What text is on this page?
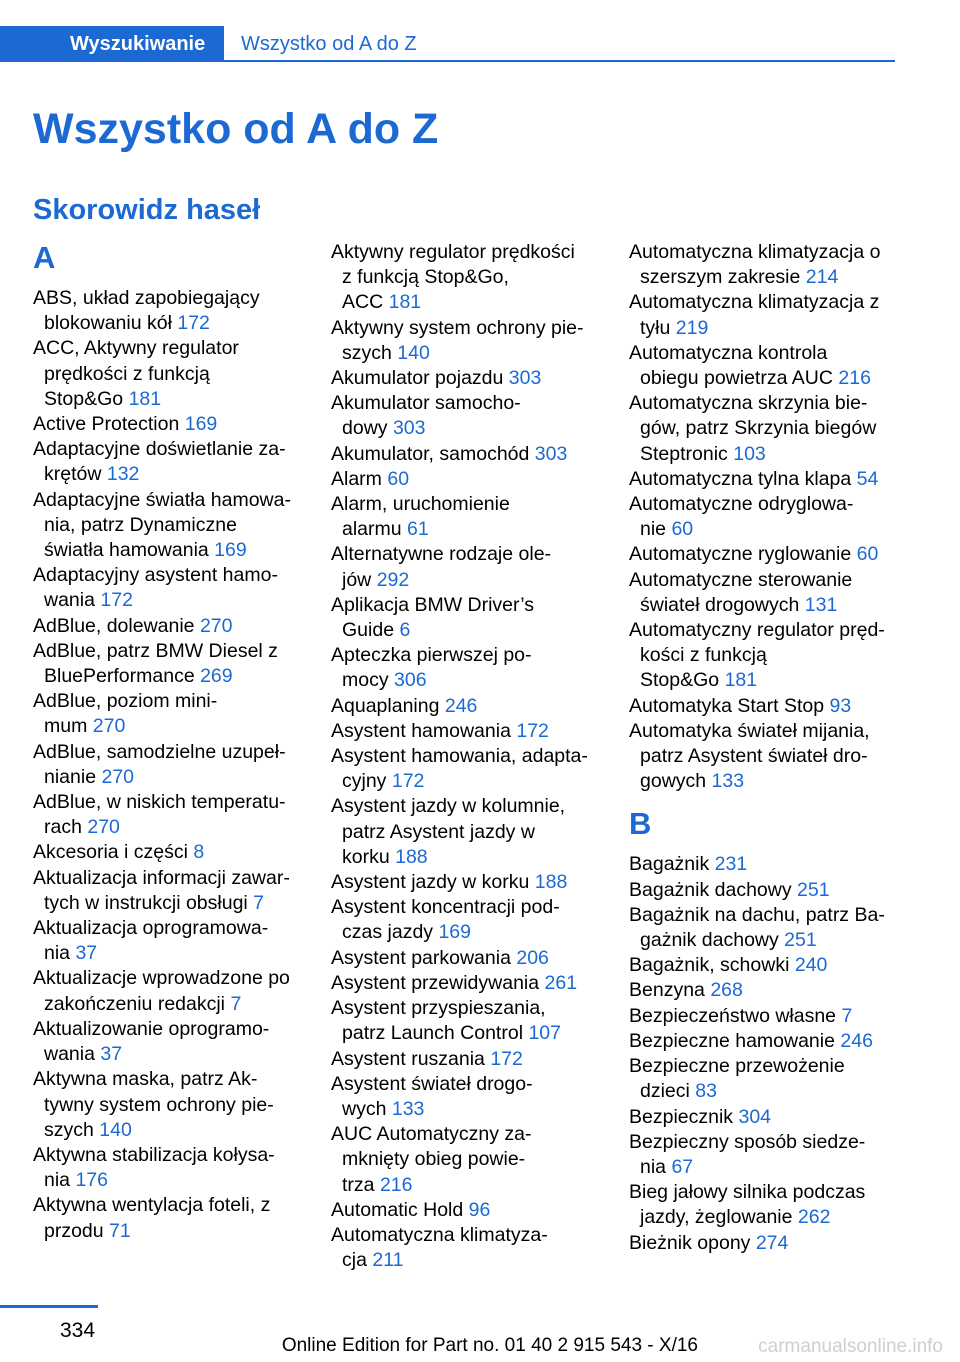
Wyszukiwanie	Wszystko od A do Z
Wszystko od A do Z
Skorowidz haseł
A
ABS, układ zapobiegający
blokowaniu kół 172
ACC, Aktywny regulator
prędkości z funkcją
Stop&Go 181
Active Protection 169
Adaptacyjne doświetlanie za-
krętów 132
Adaptacyjne światła hamowa-
nia, patrz Dynamiczne
światła hamowania 169
Adaptacyjny asystent hamo-
wania 172
AdBlue, dolewanie 270
AdBlue, patrz BMW Diesel z
BluePerformance 269
AdBlue, poziom mini-
mum 270
AdBlue, samodzielne uzupeł-
nianie 270
AdBlue, w niskich temperatu-
rach 270
Akcesoria i części 8
Aktualizacja informacji zawar-
tych w instrukcji obsługi 7
Aktualizacja oprogramowa-
nia 37
Aktualizacje wprowadzone po
zakończeniu redakcji 7
Aktualizowanie oprogramo-
wania 37
Aktywna maska, patrz Ak-
tywny system ochrony pie-
szych 140
Aktywna stabilizacja kołysa-
nia 176
Aktywna wentylacja foteli, z
przodu 71
Aktywny regulator prędkości
z funkcją Stop&Go,
ACC 181
Aktywny system ochrony pie-
szych 140
Akumulator pojazdu 303
Akumulator samocho-
dowy 303
Akumulator, samochód 303
Alarm 60
Alarm, uruchomienie
alarmu 61
Alternatywne rodzaje ole-
jów 292
Aplikacja BMW Driver’s
Guide 6
Apteczka pierwszej po-
mocy 306
Aquaplaning 246
Asystent hamowania 172
Asystent hamowania, adapta-
cyjny 172
Asystent jazdy w kolumnie,
patrz Asystent jazdy w
korku 188
Asystent jazdy w korku 188
Asystent koncentracji pod-
czas jazdy 169
Asystent parkowania 206
Asystent przewidywania 261
Asystent przyspieszania,
patrz Launch Control 107
Asystent ruszania 172
Asystent świateł drogo-
wych 133
AUC Automatyczny za-
mknięty obieg powie-
trza 216
Automatic Hold 96
Automatyczna klimatyza-
cja 211
Automatyczna klimatyzacja o
szerszym zakresie 214
Automatyczna klimatyzacja z
tyłu 219
Automatyczna kontrola
obiegu powietrza AUC 216
Automatyczna skrzynia bie-
gów, patrz Skrzynia biegów
Steptronic 103
Automatyczna tylna klapa 54
Automatyczne odryglowa-
nie 60
Automatyczne ryglowanie 60
Automatyczne sterowanie
świateł drogowych 131
Automatyczny regulator pręd-
kości z funkcją
Stop&Go 181
Automatyka Start Stop 93
Automatyka świateł mijania,
patrz Asystent świateł dro-
gowych 133
B
Bagażnik 231
Bagażnik dachowy 251
Bagażnik na dachu, patrz Ba-
gażnik dachowy 251
Bagażnik, schowki 240
Benzyna 268
Bezpieczeństwo własne 7
Bezpieczne hamowanie 246
Bezpieczne przewożenie
dzieci 83
Bezpiecznik 304
Bezpieczny sposób siedze-
nia 67
Bieg jałowy silnika podczas
jazdy, żeglowanie 262
Bieżnik opony 274
334
Online Edition for Part no. 01 40 2 915 543 - X/16	carmanualsonline.info
